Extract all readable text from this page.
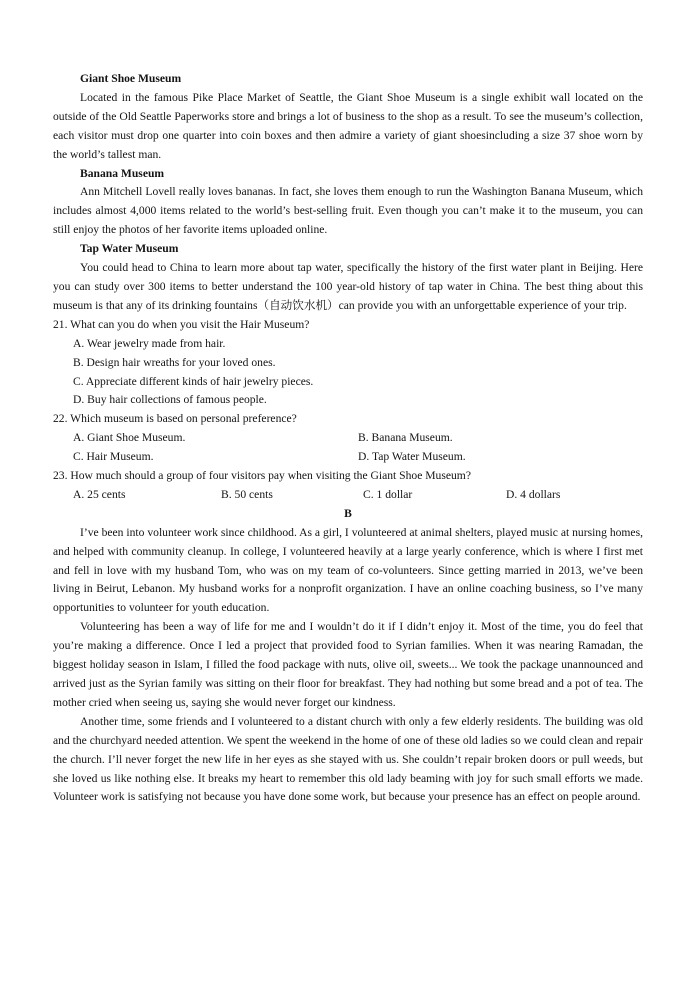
Giant Shoe Museum

Located in the famous Pike Place Market of Seattle, the Giant Shoe Museum is a single exhibit wall located on the outside of the Old Seattle Paperworks store and brings a lot of business to the shop as a result. To see the museum’s collection, each visitor must drop one quarter into coin boxes and then admire a variety of giant shoesincluding a size 37 shoe worn by the world’s tallest man.

Banana Museum

Ann Mitchell Lovell really loves bananas. In fact, she loves them enough to run the Washington Banana Museum, which includes almost 4,000 items related to the world’s best-selling fruit. Even though you can’t make it to the museum, you can still enjoy the photos of her favorite items uploaded online.

Tap Water Museum

You could head to China to learn more about tap water, specifically the history of the first water plant in Beijing. Here you can study over 300 items to better understand the 100 year-old history of tap water in China. The best thing about this museum is that any of its drinking fountains（自动饮水机）can provide you with an unforgettable experience of your trip.

21. What can you do when you visit the Hair Museum?

A. Wear jewelry made from hair.

B. Design hair wreaths for your loved ones.

C. Appreciate different kinds of hair jewelry pieces.

D. Buy hair collections of famous people.

22. Which museum is based on personal preference?

A. Giant Shoe Museum.	B. Banana Museum.
C. Hair Museum.	D. Tap Water Museum.

23. How much should a group of four visitors pay when visiting the Giant Shoe Museum?

A. 25 cents	B. 50 cents	C. 1 dollar	D. 4 dollars

B

I’ve been into volunteer work since childhood. As a girl, I volunteered at animal shelters, played music at nursing homes, and helped with community cleanup. In college, I volunteered heavily at a large yearly conference, which is where I first met and fell in love with my husband Tom, who was on my team of co-volunteers. Since getting married in 2013, we’ve been living in Beirut, Lebanon. My husband works for a nonprofit organization. I have an online coaching business, so I’ve many opportunities to volunteer for youth education.

Volunteering has been a way of life for me and I wouldn’t do it if I didn’t enjoy it. Most of the time, you do feel that you’re making a difference. Once I led a project that provided food to Syrian families. When it was nearing Ramadan, the biggest holiday season in Islam, I filled the food package with nuts, olive oil, sweets... We took the package unannounced and arrived just as the Syrian family was sitting on their floor for breakfast. They had nothing but some bread and a pot of tea. The mother cried when seeing us, saying she would never forget our kindness.

Another time, some friends and I volunteered to a distant church with only a few elderly residents. The building was old and the churchyard needed attention. We spent the weekend in the home of one of these old ladies so we could clean and repair the church. I’ll never forget the new life in her eyes as she stayed with us. She couldn’t repair broken doors or pull weeds, but she loved us like nothing else. It breaks my heart to remember this old lady beaming with joy for such small efforts we made. Volunteer work is satisfying not because you have done some work, but because your presence has an effect on people around.
